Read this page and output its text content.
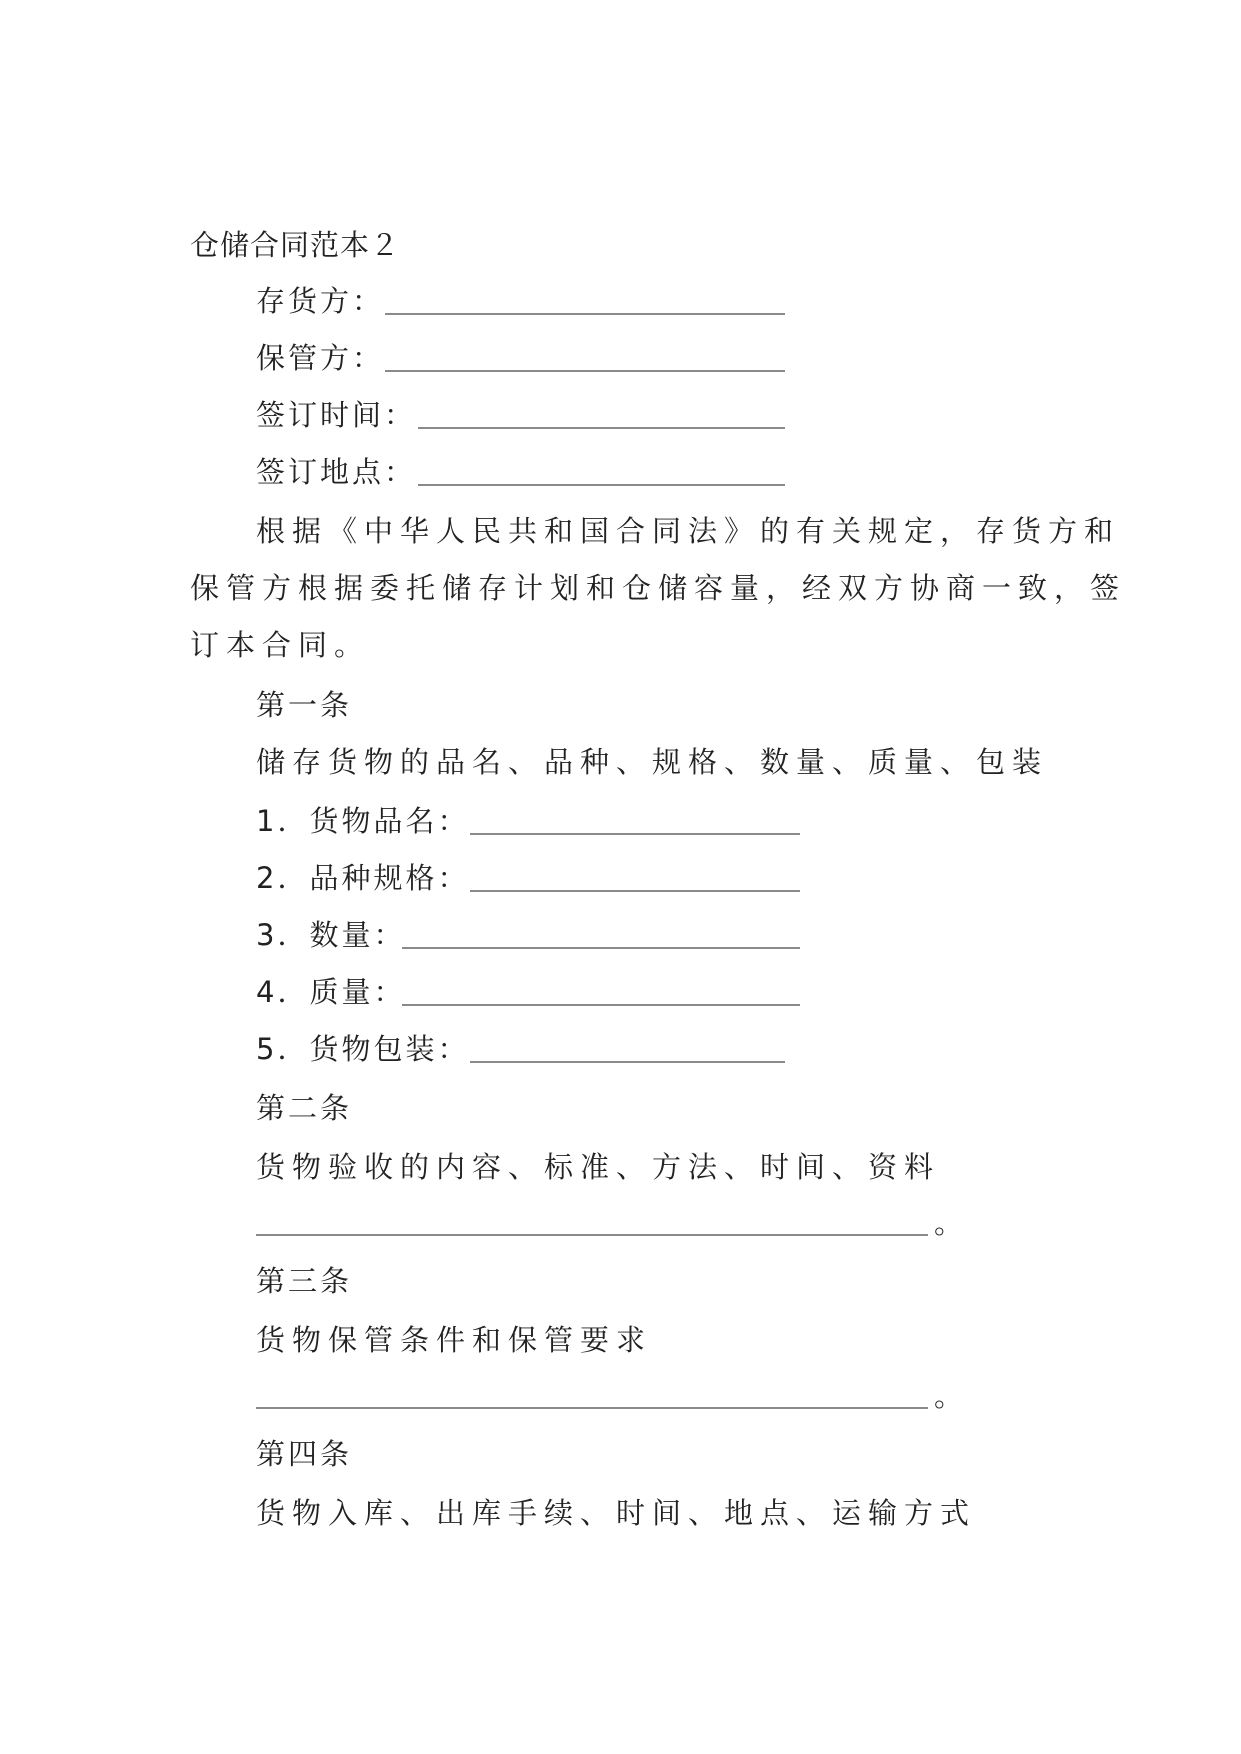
仓储合同范本２
存货方：
保管方：
签订时间：
签订地点：
根据《中华人民共和国合同法》的有关规定，存货方和
保管方根据委托储存计划和仓储容量，经双方协商一致，签
订本合同。
第一条
储存货物的品名、品种、规格、数量、质量、包装
1．货物品名：
2．品种规格：
3．数量：
4．质量：
5．货物包装：
第二条
货物验收的内容、标准、方法、时间、资料
。
第三条
货物保管条件和保管要求
。
第四条
货物入库、出库手续、时间、地点、运输方式
